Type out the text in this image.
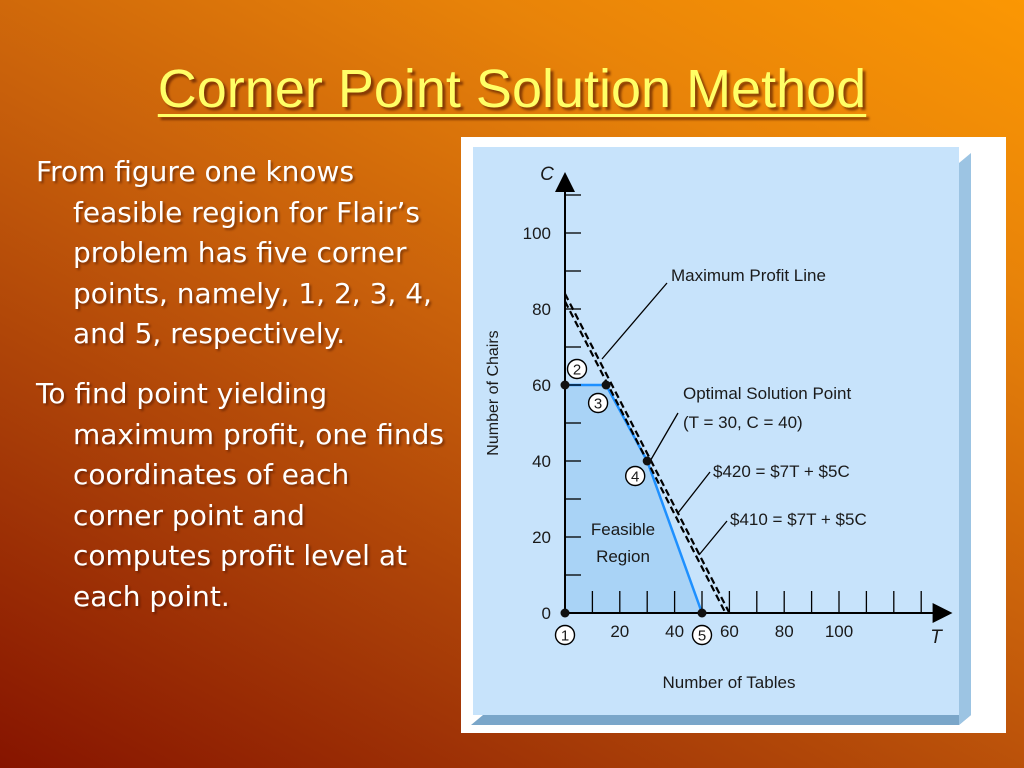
Corner Point Solution Method

From figure one knows feasible region for Flair’s problem has five corner points, namely, 1, 2, 3, 4, and 5, respectively.

To find point yielding maximum profit, one finds coordinates of each corner point and computes profit level at each point.

20 40 60 80 100
0
20
40
60
80
100
C
T
Number of Chairs
Number of Tables
Feasible
Region
Maximum Profit Line
Optimal Solution Point
(T = 30, C = 40)
$420 = $7T + $5C
$410 = $7T + $5C
1
2
3
4
5
